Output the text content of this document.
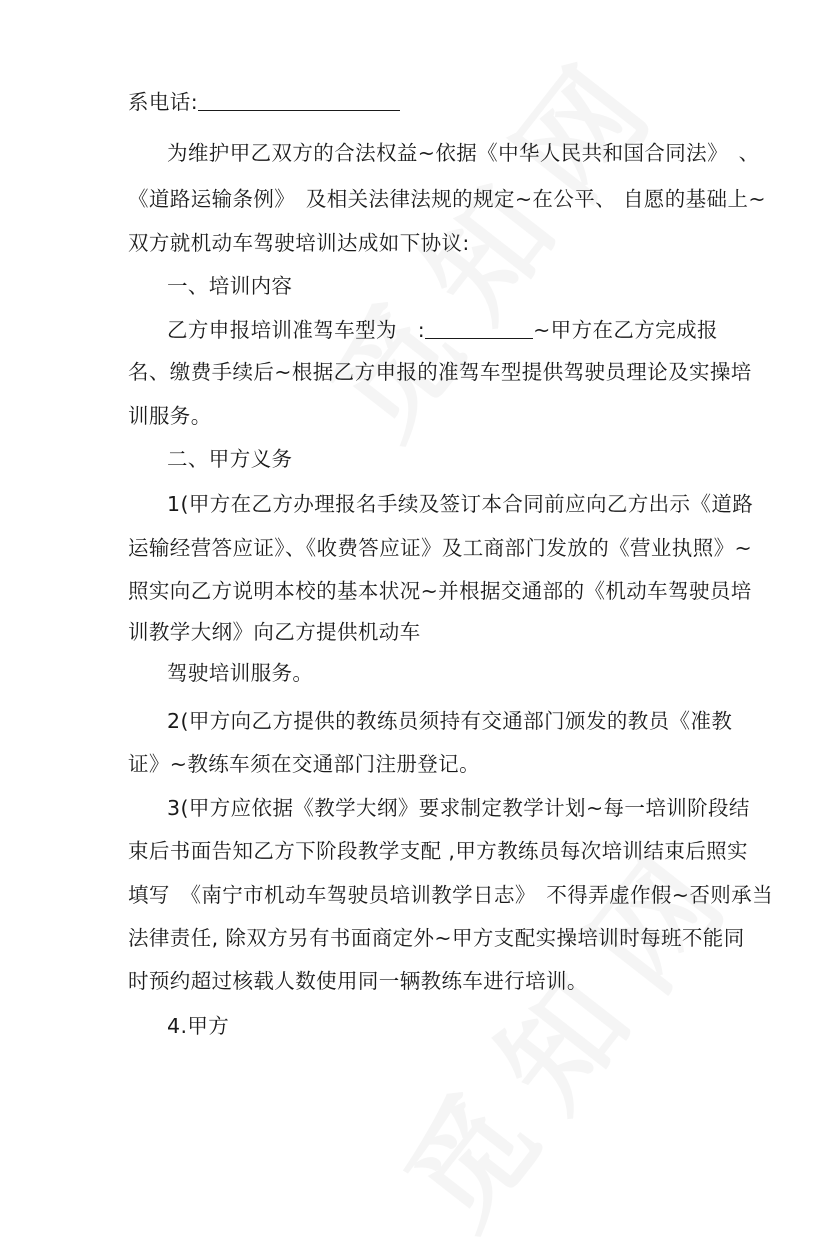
系电话:
为维护甲乙双方的合法权益~依据《中华人民共和国合同法》　、
《道路运输条例》　及相关法律法规的规定~在公平、 自愿的基础上~
双方就机动车驾驶培训达成如下协议:
一、培训内容
乙方申报培训准驾车型为　:	~甲方在乙方完成报
名、缴费手续后~根据乙方申报的准驾车型提供驾驶员理论及实操培
训服务。
二、甲方义务
1(甲方在乙方办理报名手续及签订本合同前应向乙方出示《道路
运输经营答应证》、《收费答应证》及工商部门发放的《营业执照》~
照实向乙方说明本校的基本状况~并根据交通部的《机动车驾驶员培
训教学大纲》向乙方提供机动车
驾驶培训服务。
2(甲方向乙方提供的教练员须持有交通部门颁发的教员《准教
证》~教练车须在交通部门注册登记。
3(甲方应依据《教学大纲》要求制定教学计划~每一培训阶段结
束后书面告知乙方下阶段教学支配 ,甲方教练员每次培训结束后照实
填写　《南宁市机动车驾驶员培训教学日志》　不得弄虚作假~否则承当
法律责任, 除双方另有书面商定外~甲方支配实操培训时每班不能同
时预约超过核载人数使用同一辆教练车进行培训。
4.甲方
